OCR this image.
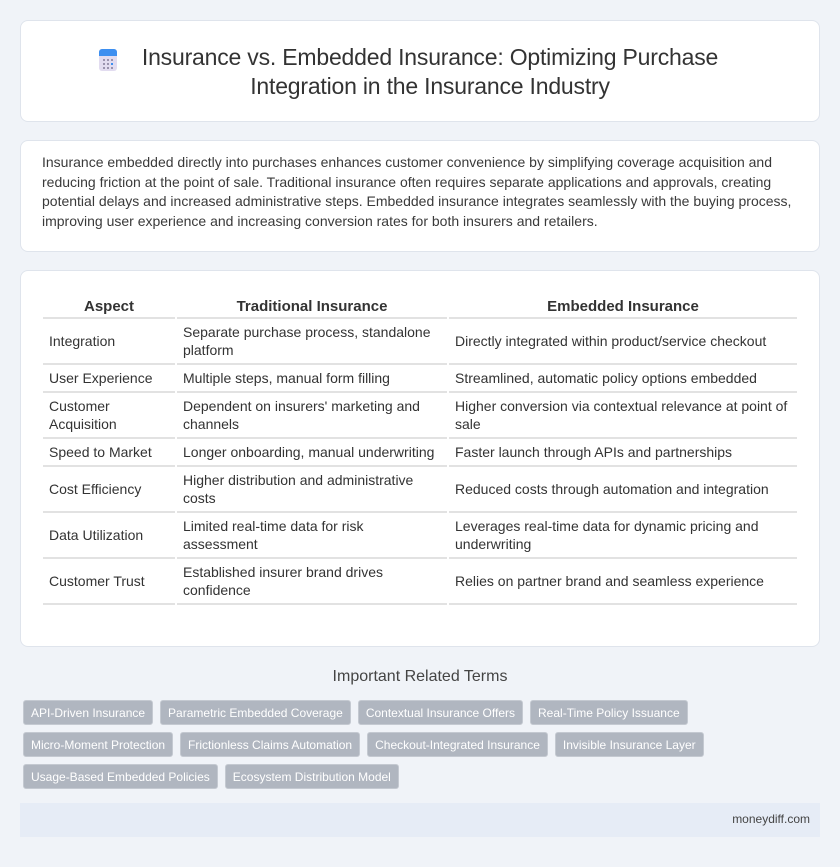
Insurance vs. Embedded Insurance: Optimizing Purchase Integration in the Insurance Industry

Insurance embedded directly into purchases enhances customer convenience by simplifying coverage acquisition and reducing friction at the point of sale. Traditional insurance often requires separate applications and approvals, creating potential delays and increased administrative steps. Embedded insurance integrates seamlessly with the buying process, improving user experience and increasing conversion rates for both insurers and retailers.

Aspect	Traditional Insurance	Embedded Insurance
Integration	Separate purchase process, standalone platform	Directly integrated within product/service checkout
User Experience	Multiple steps, manual form filling	Streamlined, automatic policy options embedded
Customer Acquisition	Dependent on insurers' marketing and channels	Higher conversion via contextual relevance at point of sale
Speed to Market	Longer onboarding, manual underwriting	Faster launch through APIs and partnerships
Cost Efficiency	Higher distribution and administrative costs	Reduced costs through automation and integration
Data Utilization	Limited real-time data for risk assessment	Leverages real-time data for dynamic pricing and underwriting
Customer Trust	Established insurer brand drives confidence	Relies on partner brand and seamless experience
Important Related Terms
API-Driven Insurance	Parametric Embedded Coverage	Contextual Insurance Offers	Real-Time Policy Issuance
Micro-Moment Protection	Frictionless Claims Automation	Checkout-Integrated Insurance	Invisible Insurance Layer
Usage-Based Embedded Policies	Ecosystem Distribution Model
moneydiff.com
